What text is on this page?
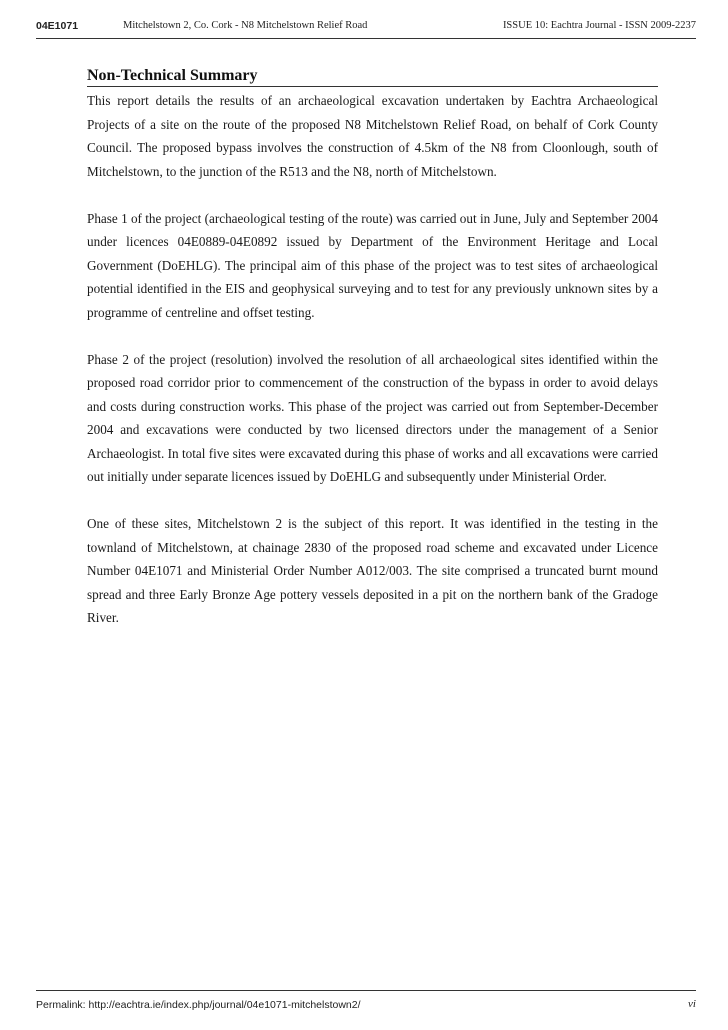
04E1071	Mitchelstown 2, Co. Cork - N8 Mitchelstown Relief Road	ISSUE 10: Eachtra Journal - ISSN 2009-2237
Non-Technical Summary

This report details the results of an archaeological excavation undertaken by Eachtra Archaeological Projects of a site on the route of the proposed N8 Mitchelstown Relief Road, on behalf of Cork County Council. The proposed bypass involves the construction of 4.5km of the N8 from Cloonlough, south of Mitchelstown, to the junction of the R513 and the N8, north of Mitchelstown.

Phase 1 of the project (archaeological testing of the route) was carried out in June, July and September 2004 under licences 04E0889-04E0892 issued by Department of the Environment Heritage and Local Government (DoEHLG). The principal aim of this phase of the project was to test sites of archaeological potential identified in the EIS and geophysical surveying and to test for any previously unknown sites by a programme of centreline and offset testing.

Phase 2 of the project (resolution) involved the resolution of all archaeological sites identified within the proposed road corridor prior to commencement of the construction of the bypass in order to avoid delays and costs during construction works. This phase of the project was carried out from September-December 2004 and excavations were conducted by two licensed directors under the management of a Senior Archaeologist. In total five sites were excavated during this phase of works and all excavations were carried out initially under separate licences issued by DoEHLG and subsequently under Ministerial Order.

One of these sites, Mitchelstown 2 is the subject of this report. It was identified in the testing in the townland of Mitchelstown, at chainage 2830 of the proposed road scheme and excavated under Licence Number 04E1071 and Ministerial Order Number A012/003. The site comprised a truncated burnt mound spread and three Early Bronze Age pottery vessels deposited in a pit on the northern bank of the Gradoge River.

Permalink: http://eachtra.ie/index.php/journal/04e1071-mitchelstown2/	vi
